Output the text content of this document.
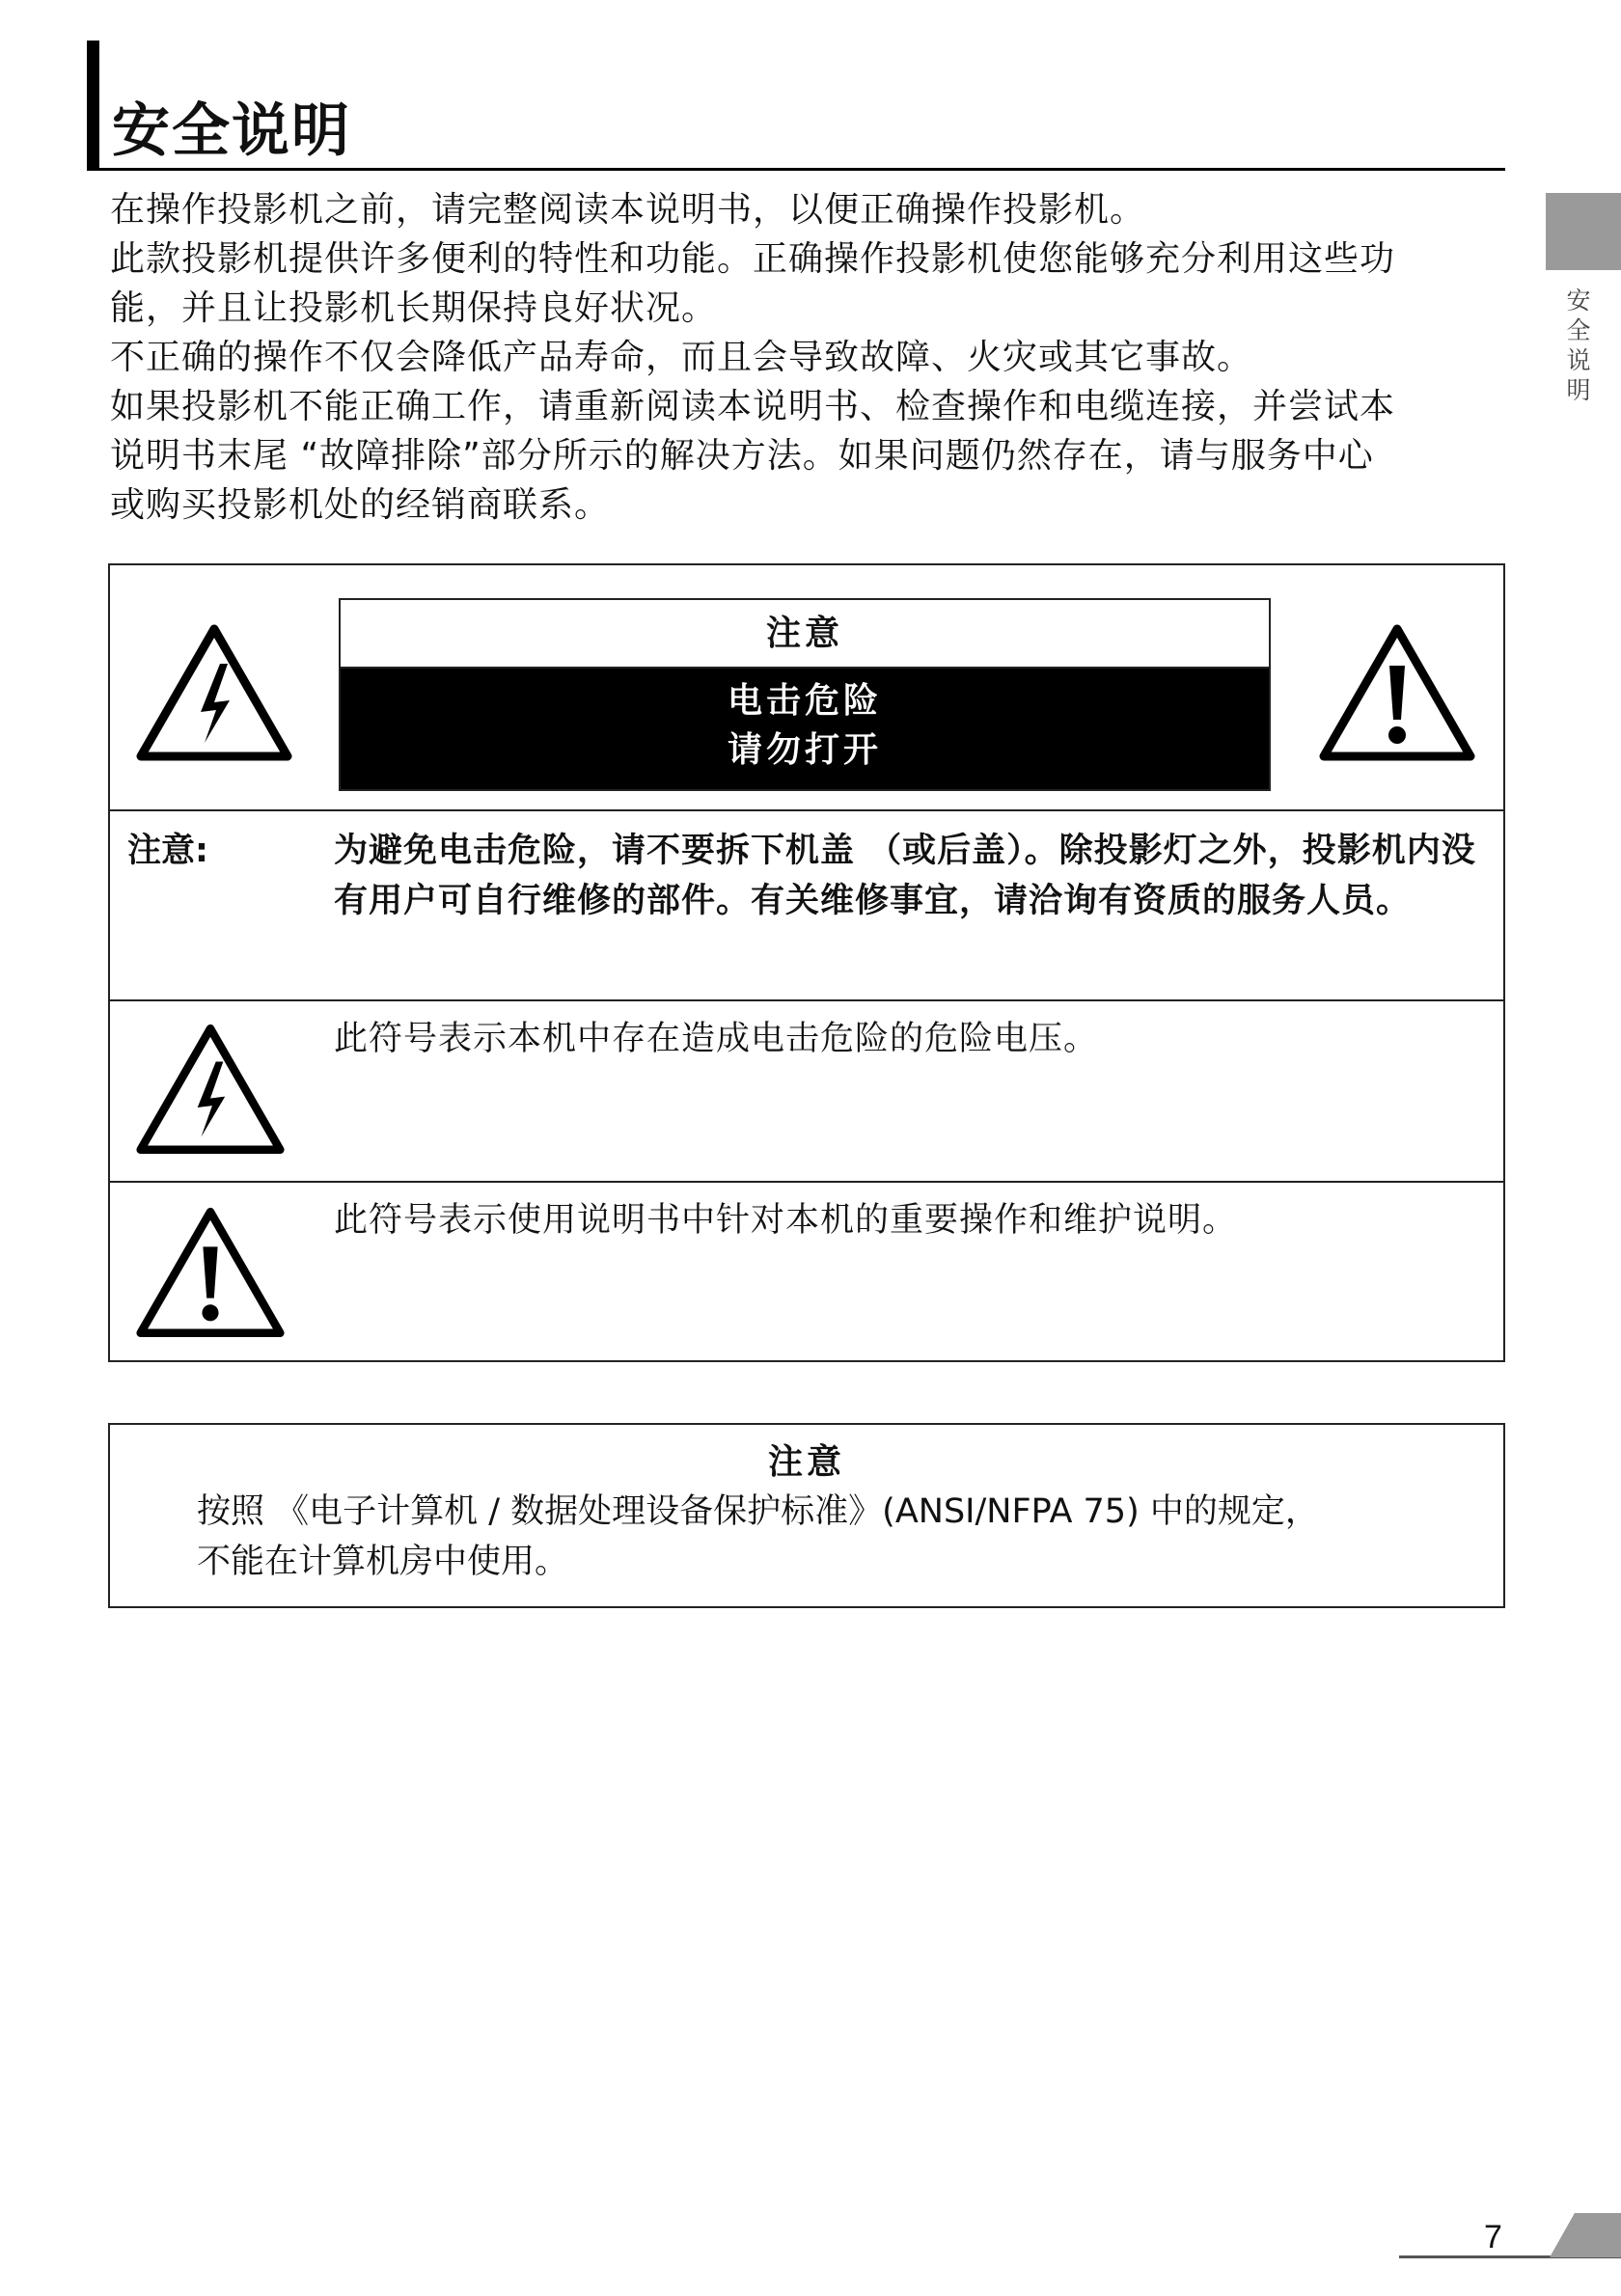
安全说明
安全说明

在操作投影机之前，请完整阅读本说明书，以便正确操作投影机。

此款投影机提供许多便利的特性和功能。正确操作投影机使您能够充分利用这些功

能，并且让投影机长期保持良好状况。

不正确的操作不仅会降低产品寿命，而且会导致故障、火灾或其它事故。

如果投影机不能正确工作，请重新阅读本说明书、检查操作和电缆连接，并尝试本

说明书末尾 “故障排除”部分所示的解决方法。如果问题仍然存在，请与服务中心

或购买投影机处的经销商联系。

注意
电击危险
请勿打开
注意:	为避免电击危险，请不要拆下机盖 （或后盖）。除投影灯之外，投影机内没有用户可自行维修的部件。有关维修事宜，请洽询有资质的服务人员。
此符号表示本机中存在造成电击危险的危险电压。
此符号表示使用说明书中针对本机的重要操作和维护说明。
注意
按照 《电子计算机 / 数据处理设备保护标准》(ANSI/NFPA 75) 中的规定，
不能在计算机房中使用。
7
